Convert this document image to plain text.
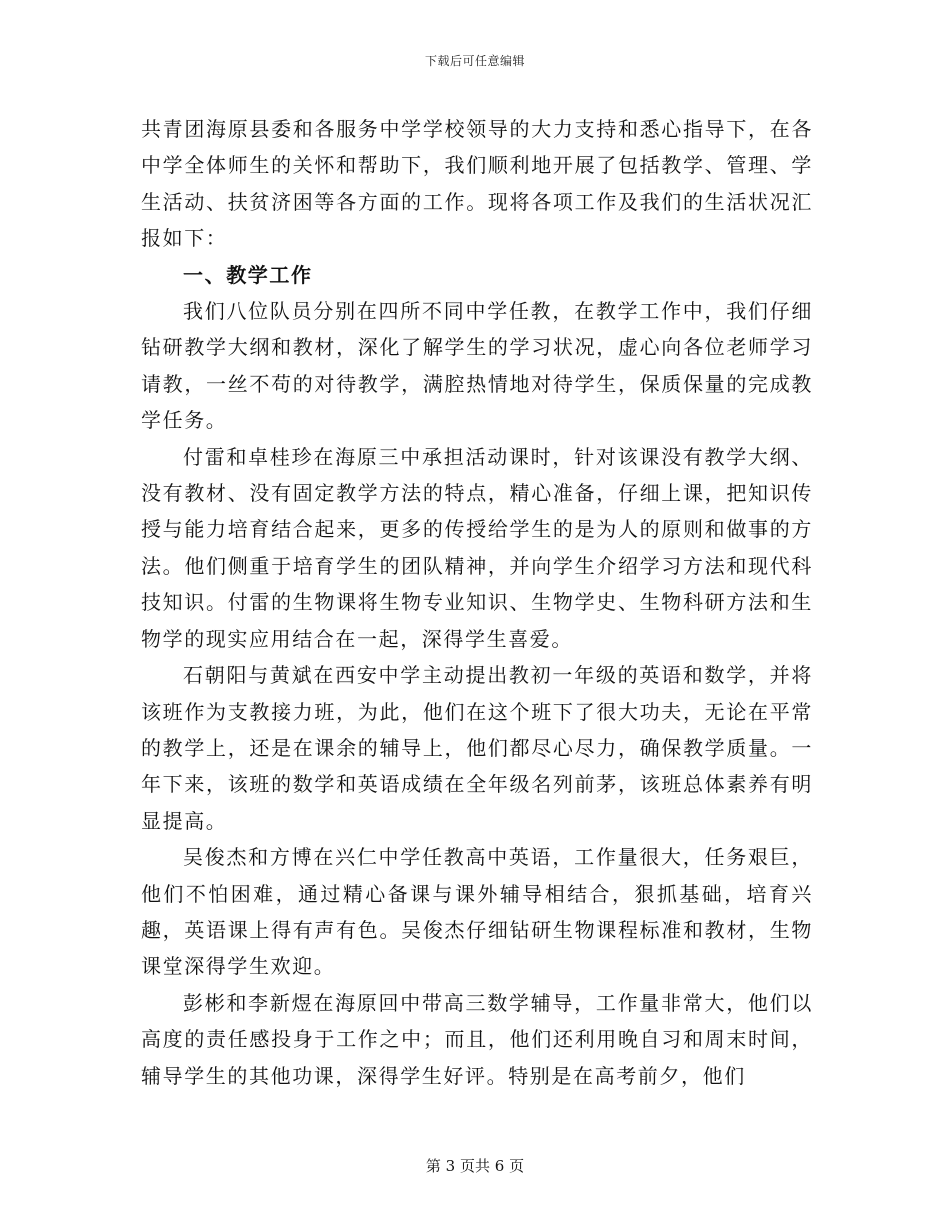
下载后可任意编辑

共青团海原县委和各服务中学学校领导的大力支持和悉心指导下，在各中学全体师生的关怀和帮助下，我们顺利地开展了包括教学、管理、学生活动、扶贫济困等各方面的工作。现将各项工作及我们的生活状况汇报如下：

一、教学工作

我们八位队员分别在四所不同中学任教，在教学工作中，我们仔细钻研教学大纲和教材，深化了解学生的学习状况，虚心向各位老师学习请教，一丝不苟的对待教学，满腔热情地对待学生，保质保量的完成教学任务。

付雷和卓桂珍在海原三中承担活动课时，针对该课没有教学大纲、没有教材、没有固定教学方法的特点，精心准备，仔细上课，把知识传授与能力培育结合起来，更多的传授给学生的是为人的原则和做事的方法。他们侧重于培育学生的团队精神，并向学生介绍学习方法和现代科技知识。付雷的生物课将生物专业知识、生物学史、生物科研方法和生物学的现实应用结合在一起，深得学生喜爱。

石朝阳与黄斌在西安中学主动提出教初一年级的英语和数学，并将该班作为支教接力班，为此，他们在这个班下了很大功夫，无论在平常的教学上，还是在课余的辅导上，他们都尽心尽力，确保教学质量。一年下来，该班的数学和英语成绩在全年级名列前茅，该班总体素养有明显提高。

吴俊杰和方博在兴仁中学任教高中英语，工作量很大，任务艰巨，他们不怕困难，通过精心备课与课外辅导相结合，狠抓基础，培育兴趣，英语课上得有声有色。吴俊杰仔细钻研生物课程标准和教材，生物课堂深得学生欢迎。

彭彬和李新煜在海原回中带高三数学辅导，工作量非常大，他们以高度的责任感投身于工作之中；而且，他们还利用晚自习和周末时间，辅导学生的其他功课，深得学生好评。特别是在高考前夕，他们

第 3 页共 6 页
